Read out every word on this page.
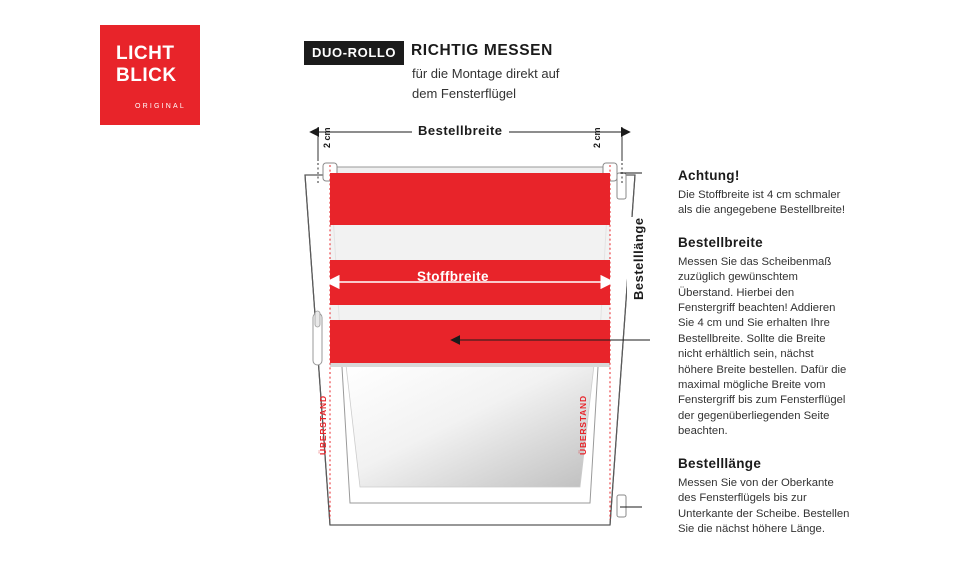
LICHT
BLICK
ORIGINAL
DUO-ROLLO RICHTIG MESSEN
für die Montage direkt auf
dem Fensterflügel
Bestellbreite
Bestelllänge
Stoffbreite
2 cm	2 cm
ÜBERSTAND	ÜBERSTAND
Achtung!

Die Stoffbreite ist 4 cm schmaler als die angegebene Bestellbreite!

Bestellbreite

Messen Sie das Scheibenmaß zuzüglich gewünschtem Überstand. Hierbei den Fenstergriff beachten! Addieren Sie 4 cm und Sie erhalten Ihre Bestellbreite. Sollte die Breite nicht erhältlich sein, nächst höhere Breite bestellen. Dafür die maximal mögliche Breite vom Fenstergriff bis zum Fensterflügel der gegenüberliegenden Seite beachten.

Bestelllänge

Messen Sie von der Oberkante des Fensterflügels bis zur Unterkante der Scheibe. Bestellen Sie die nächst höhere Länge.
